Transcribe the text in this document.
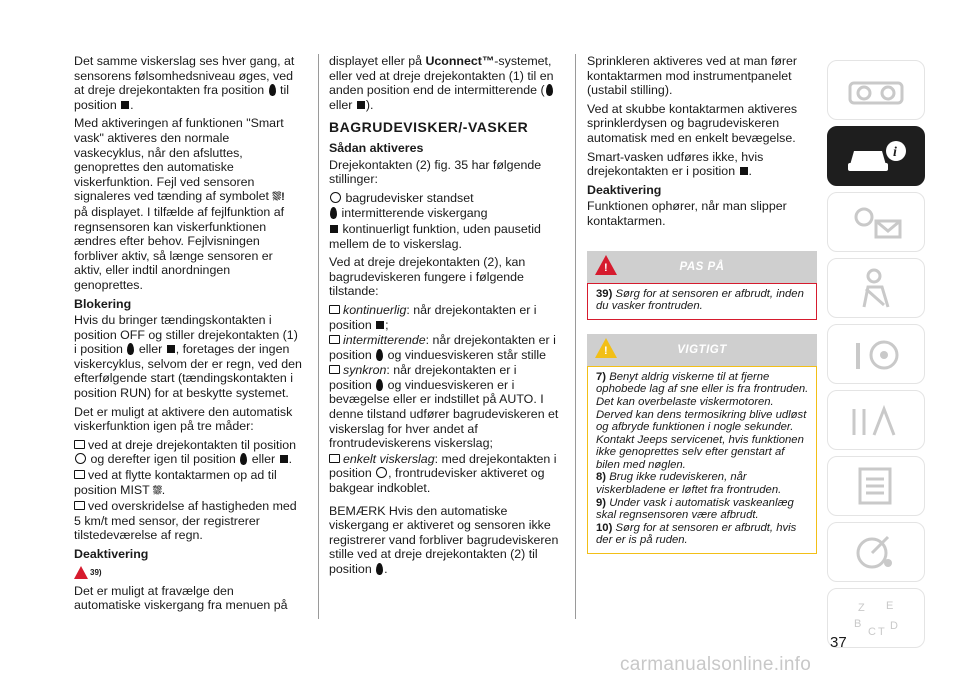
Det samme viskerslag ses hver gang, at sensorens følsomhedsniveau øges, ved at dreje drejekontakten fra position til position .

Med aktiveringen af funktionen "Smart vask" aktiveres den normale vaskecyklus, når den afsluttes, genoprettes den automatiske viskerfunktion. Fejl ved sensoren signaleres ved tænding af symbolet ⛆! på displayet. I tilfælde af fejlfunktion af regnsensoren kan viskerfunktionen ændres efter behov. Fejlvisningen forbliver aktiv, så længe sensoren er aktiv, eller indtil anordningen genoprettes.

Blokering

Hvis du bringer tændingskontakten i position OFF og stiller drejekontakten (1) i position eller , foretages der ingen viskercyklus, selvom der er regn, ved den efterfølgende start (tændingskontakten i position RUN) for at beskytte systemet.

Det er muligt at aktivere den automatisk viskerfunktion igen på tre måder:

ved at dreje drejekontakten til position  og derefter igen til position eller .

ved at flytte kontaktarmen op ad til position MIST ⛆.

ved overskridelse af hastigheden med 5 km/t med sensor, der registrerer tilstedeværelse af regn.

Deaktivering
39)

Det er muligt at fravælge den automatiske viskergang fra menuen på

displayet eller på Uconnect™-systemet, eller ved at dreje drejekontakten (1) til en anden position end de intermitterende ( eller ).

BAGRUDEVISKER/-VASKER
Sådan aktiveres

Drejekontakten (2) fig. 35 har følgende stillinger:

bagrudevisker standset

intermitterende viskergang

kontinuerligt funktion, uden pausetid mellem de to viskerslag.

Ved at dreje drejekontakten (2), kan bagrudeviskeren fungere i følgende tilstande:

kontinuerlig: når drejekontakten er i position ;

intermitterende: når drejekontakten er i position og vinduesviskeren står stille

synkron: når drejekontakten er i position og vinduesviskeren er i bevægelse eller er indstillet på AUTO. I denne tilstand udfører bagrudeviskeren et viskerslag for hver andet af frontrudeviskerens viskerslag;

enkelt viskerslag: med drejekontakten i position , frontrudevisker aktiveret og bakgear indkoblet.

BEMÆRK Hvis den automatiske viskergang er aktiveret og sensoren ikke registrerer vand forbliver bagrudeviskeren stille ved at dreje drejekontakten (2) til position .

Sprinkleren aktiveres ved at man fører kontaktarmen mod instrumentpanelet (ustabil stilling).

Ved at skubbe kontaktarmen aktiveres sprinklerdysen og bagrudeviskeren automatisk med en enkelt bevægelse.

Smart-vasken udføres ikke, hvis drejekontakten er i position .

Deaktivering

Funktionen ophører, når man slipper kontaktarmen.

!
PAS PÅ

39) Sørg for at sensoren er afbrudt, inden du vasker frontruden.

!
VIGTIGT

7) Benyt aldrig viskerne til at fjerne ophobede lag af sne eller is fra frontruden. Det kan overbelaste viskermotoren. Derved kan dens termosikring blive udløst og afbryde funktionen i nogle sekunder. Kontakt Jeeps servicenet, hvis funktionen ikke genoprettes selv efter genstart af bilen med nøglen.

8) Brug ikke rudeviskeren, når viskerbladene er løftet fra frontruden.

9) Under vask i automatisk vaskeanlæg skal regnsensoren være afbrudt.

10) Sørg for at sensoren er afbrudt, hvis der er is på ruden.

i
Z E
B	D
C T
37
carmanualsonline.info
